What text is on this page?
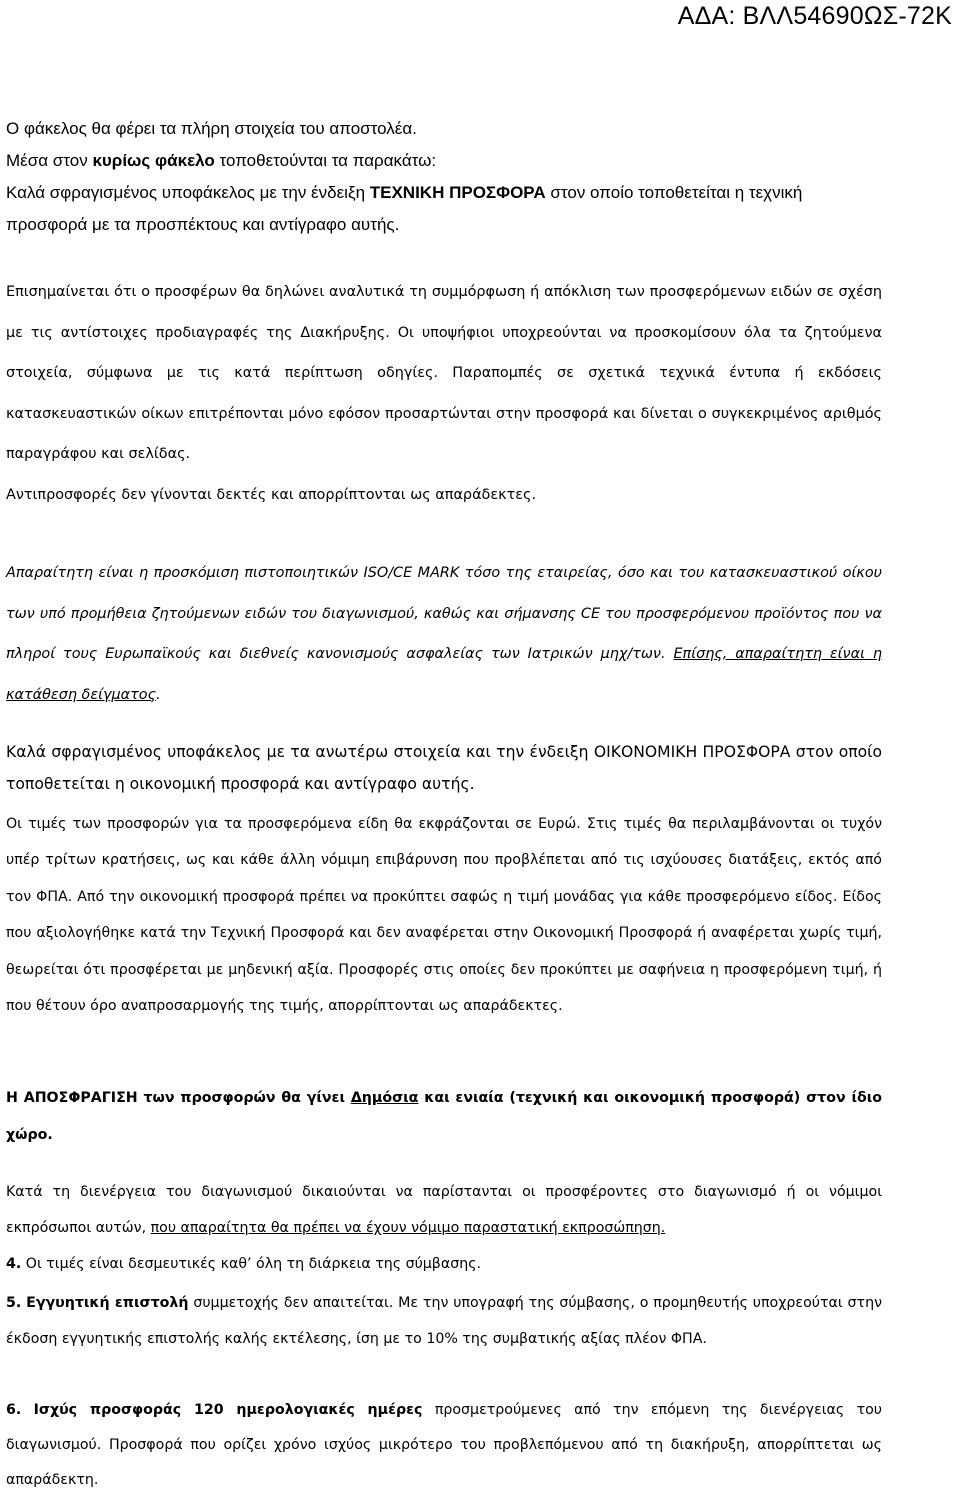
ΑΔΑ: ΒΛΛ54690ΩΣ-72Κ
Ο φάκελος θα φέρει τα πλήρη στοιχεία του αποστολέα.
Μέσα στον κυρίως φάκελο τοποθετούνται τα παρακάτω:
Καλά σφραγισμένος υποφάκελος με την ένδειξη ΤΕΧΝΙΚΗ ΠΡΟΣΦΟΡΑ στον οποίο τοποθετείται η τεχνική προσφορά με τα προσπέκτους και αντίγραφο αυτής.
Επισημαίνεται ότι ο προσφέρων θα δηλώνει αναλυτικά τη συμμόρφωση ή απόκλιση των προσφερόμενων ειδών σε σχέση με τις αντίστοιχες προδιαγραφές της Διακήρυξης. Οι υποψήφιοι υποχρεούνται να προσκομίσουν όλα τα ζητούμενα στοιχεία, σύμφωνα με τις κατά περίπτωση οδηγίες. Παραπομπές σε σχετικά τεχνικά έντυπα ή εκδόσεις κατασκευαστικών οίκων επιτρέπονται μόνο εφόσον προσαρτώνται στην προσφορά και δίνεται ο συγκεκριμένος αριθμός παραγράφου και σελίδας.
Αντιπροσφορές δεν γίνονται δεκτές και απορρίπτονται ως απαράδεκτες.
Απαραίτητη είναι η προσκόμιση πιστοποιητικών ISO/CE MARK τόσο της εταιρείας, όσο και του κατασκευαστικού οίκου των υπό προμήθεια ζητούμενων ειδών του διαγωνισμού, καθώς και σήμανσης CE του προσφερόμενου προϊόντος που να πληροί τους Ευρωπαϊκούς και διεθνείς κανονισμούς ασφαλείας των Ιατρικών μηχ/των. Επίσης, απαραίτητη είναι η κατάθεση δείγματος.
Καλά σφραγισμένος υποφάκελος με τα ανωτέρω στοιχεία και την ένδειξη ΟΙΚΟΝΟΜΙΚΗ ΠΡΟΣΦΟΡΑ στον οποίο τοποθετείται η οικονομική προσφορά και αντίγραφο αυτής.
Οι τιμές των προσφορών για τα προσφερόμενα είδη θα εκφράζονται σε Ευρώ. Στις τιμές θα περιλαμβάνονται οι τυχόν υπέρ τρίτων κρατήσεις, ως και κάθε άλλη νόμιμη επιβάρυνση που προβλέπεται από τις ισχύουσες διατάξεις, εκτός από τον ΦΠΑ. Από την οικονομική προσφορά πρέπει να προκύπτει σαφώς η τιμή μονάδας για κάθε προσφερόμενο είδος. Είδος που αξιολογήθηκε κατά την Τεχνική Προσφορά και δεν αναφέρεται στην Οικονομική Προσφορά ή αναφέρεται χωρίς τιμή, θεωρείται ότι προσφέρεται με μηδενική αξία. Προσφορές στις οποίες δεν προκύπτει με σαφήνεια η προσφερόμενη τιμή, ή που θέτουν όρο αναπροσαρμογής της τιμής, απορρίπτονται ως απαράδεκτες.
Η ΑΠΟΣΦΡΑΓΙΣΗ των προσφορών θα γίνει Δημόσια και ενιαία (τεχνική και οικονομική προσφορά) στον ίδιο χώρο.
Κατά τη διενέργεια του διαγωνισμού δικαιούνται να παρίστανται οι προσφέροντες στο διαγωνισμό ή οι νόμιμοι εκπρόσωποι αυτών, που απαραίτητα θα πρέπει να έχουν νόμιμο παραστατική εκπροσώπηση.
4. Οι τιμές είναι δεσμευτικές καθ’ όλη τη διάρκεια της σύμβασης.
5. Εγγυητική επιστολή συμμετοχής δεν απαιτείται. Με την υπογραφή της σύμβασης, ο προμηθευτής υποχρεούται στην έκδοση εγγυητικής επιστολής καλής εκτέλεσης, ίση με το 10% της συμβατικής αξίας πλέον ΦΠΑ.
6. Ισχύς προσφοράς 120 ημερολογιακές ημέρες προσμετρούμενες από την επόμενη της διενέργειας του διαγωνισμού. Προσφορά που ορίζει χρόνο ισχύος μικρότερο του προβλεπόμενου από τη διακήρυξη, απορρίπτεται ως απαράδεκτη.
